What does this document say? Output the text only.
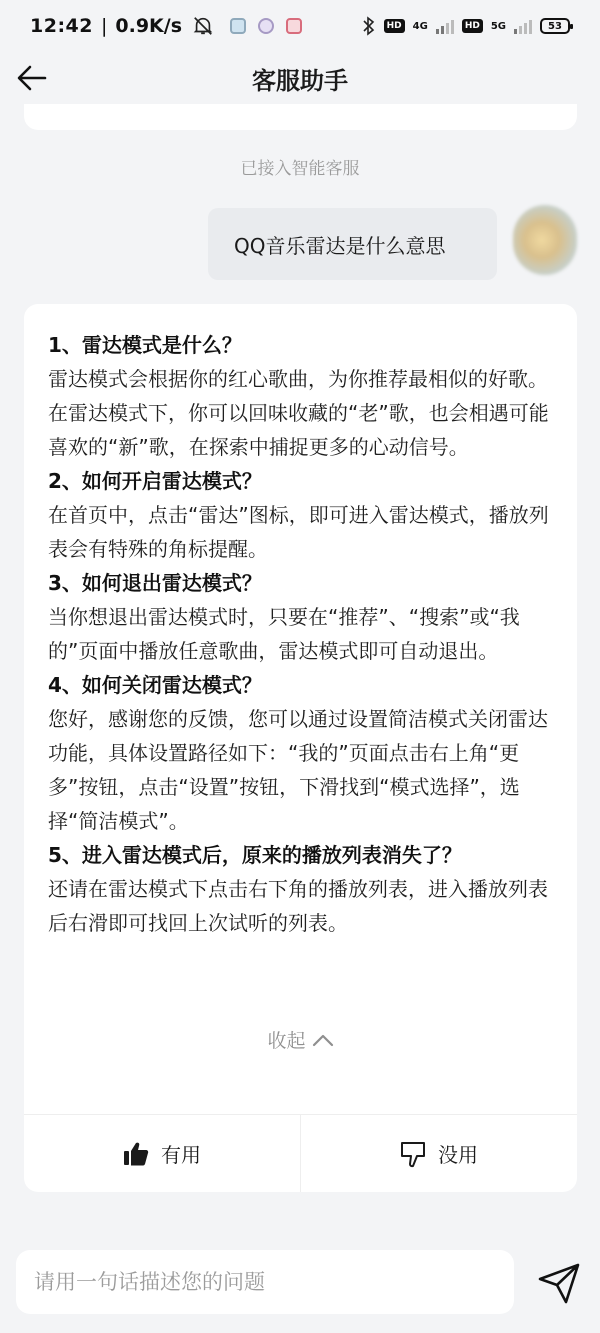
12:42 | 0.9K/s	HD	4G	HD	5G	53
客服助手
已接入智能客服
QQ音乐雷达是什么意思
1、雷达模式是什么？
雷达模式会根据你的红心歌曲，为你推荐最相似的好歌。在雷达模式下，你可以回味收藏的“老”歌，也会相遇可能喜欢的“新”歌，在探索中捕捉更多的心动信号。
2、如何开启雷达模式？
在首页中，点击“雷达”图标，即可进入雷达模式，播放列表会有特殊的角标提醒。
3、如何退出雷达模式？
当你想退出雷达模式时，只要在“推荐”、“搜索”或“我的”页面中播放任意歌曲，雷达模式即可自动退出。
4、如何关闭雷达模式？
您好，感谢您的反馈，您可以通过设置简洁模式关闭雷达功能，具体设置路径如下：“我的”页面点击右上角“更多”按钮，点击“设置”按钮，下滑找到“模式选择”，选择“简洁模式”。
5、进入雷达模式后，原来的播放列表消失了？
还请在雷达模式下点击右下角的播放列表，进入播放列表后右滑即可找回上次试听的列表。
收起
有用	没用
请用一句话描述您的问题
